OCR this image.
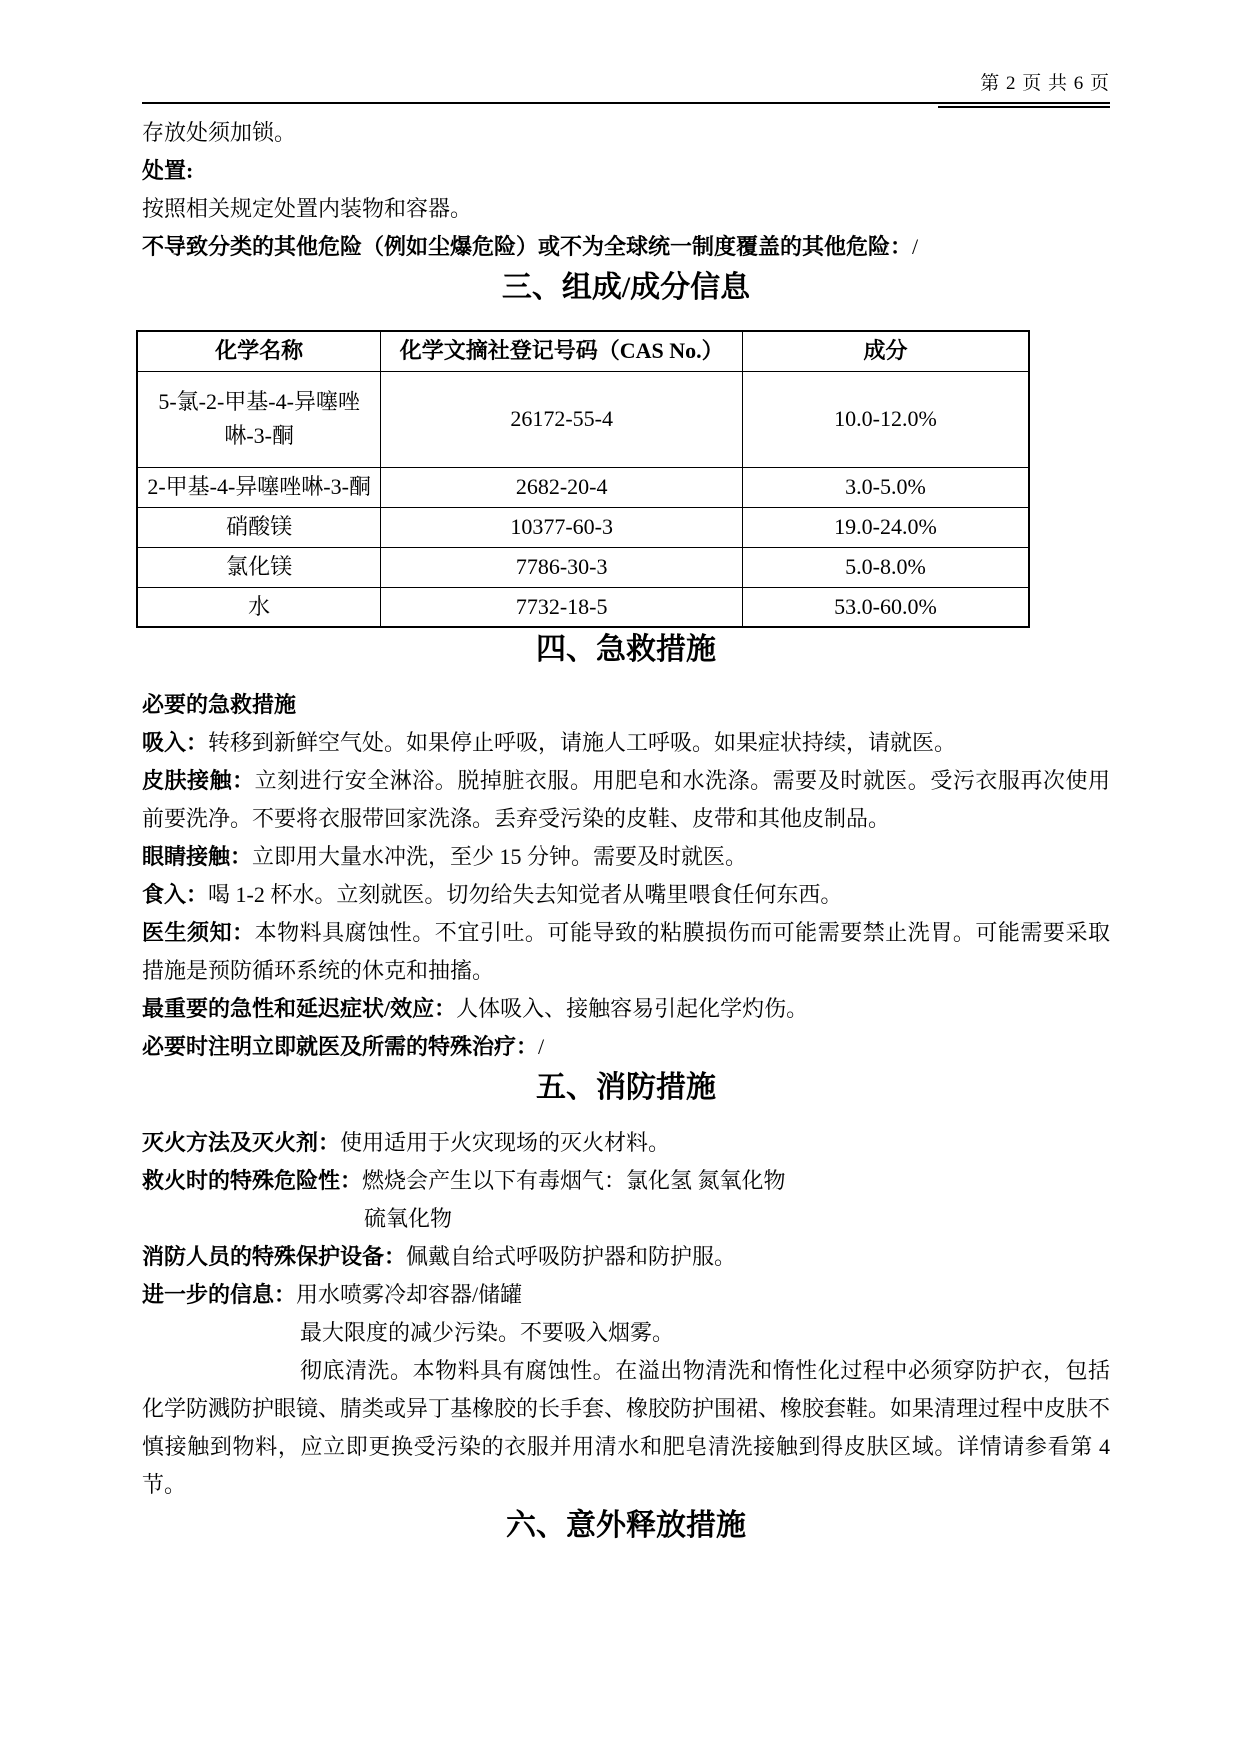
第 2 页 共 6 页
存放处须加锁。
处置:
按照相关规定处置内装物和容器。
不导致分类的其他危险（例如尘爆危险）或不为全球统一制度覆盖的其他危险：/
三、组成/成分信息
化学名称	化学文摘社登记号码（CAS No.）	成分
5-氯-2-甲基-4-异噻唑啉-3-酮	26172-55-4	10.0-12.0%
2-甲基-4-异噻唑啉-3-酮	2682-20-4	3.0-5.0%
硝酸镁	10377-60-3	19.0-24.0%
氯化镁	7786-30-3	5.0-8.0%
水	7732-18-5	53.0-60.0%
四、急救措施
必要的急救措施
吸入：转移到新鲜空气处。如果停止呼吸，请施人工呼吸。如果症状持续，请就医。
皮肤接触：立刻进行安全淋浴。脱掉脏衣服。用肥皂和水洗涤。需要及时就医。受污衣服再次使用前要洗净。不要将衣服带回家洗涤。丢弃受污染的皮鞋、皮带和其他皮制品。
眼睛接触：立即用大量水冲洗，至少 15 分钟。需要及时就医。
食入：喝 1-2 杯水。立刻就医。切勿给失去知觉者从嘴里喂食任何东西。
医生须知：本物料具腐蚀性。不宜引吐。可能导致的粘膜损伤而可能需要禁止洗胃。可能需要采取措施是预防循环系统的休克和抽搐。
最重要的急性和延迟症状/效应：人体吸入、接触容易引起化学灼伤。
必要时注明立即就医及所需的特殊治疗：/
五、消防措施
灭火方法及灭火剂：使用适用于火灾现场的灭火材料。
救火时的特殊危险性：燃烧会产生以下有毒烟气：氯化氢 氮氧化物
硫氧化物
消防人员的特殊保护设备：佩戴自给式呼吸防护器和防护服。
进一步的信息：用水喷雾冷却容器/储罐
最大限度的减少污染。不要吸入烟雾。
彻底清洗。本物料具有腐蚀性。在溢出物清洗和惰性化过程中必须穿防护衣，包括化学防溅防护眼镜、腈类或异丁基橡胶的长手套、橡胶防护围裙、橡胶套鞋。如果清理过程中皮肤不慎接触到物料，应立即更换受污染的衣服并用清水和肥皂清洗接触到得皮肤区域。详情请参看第 4 节。
六、意外释放措施
